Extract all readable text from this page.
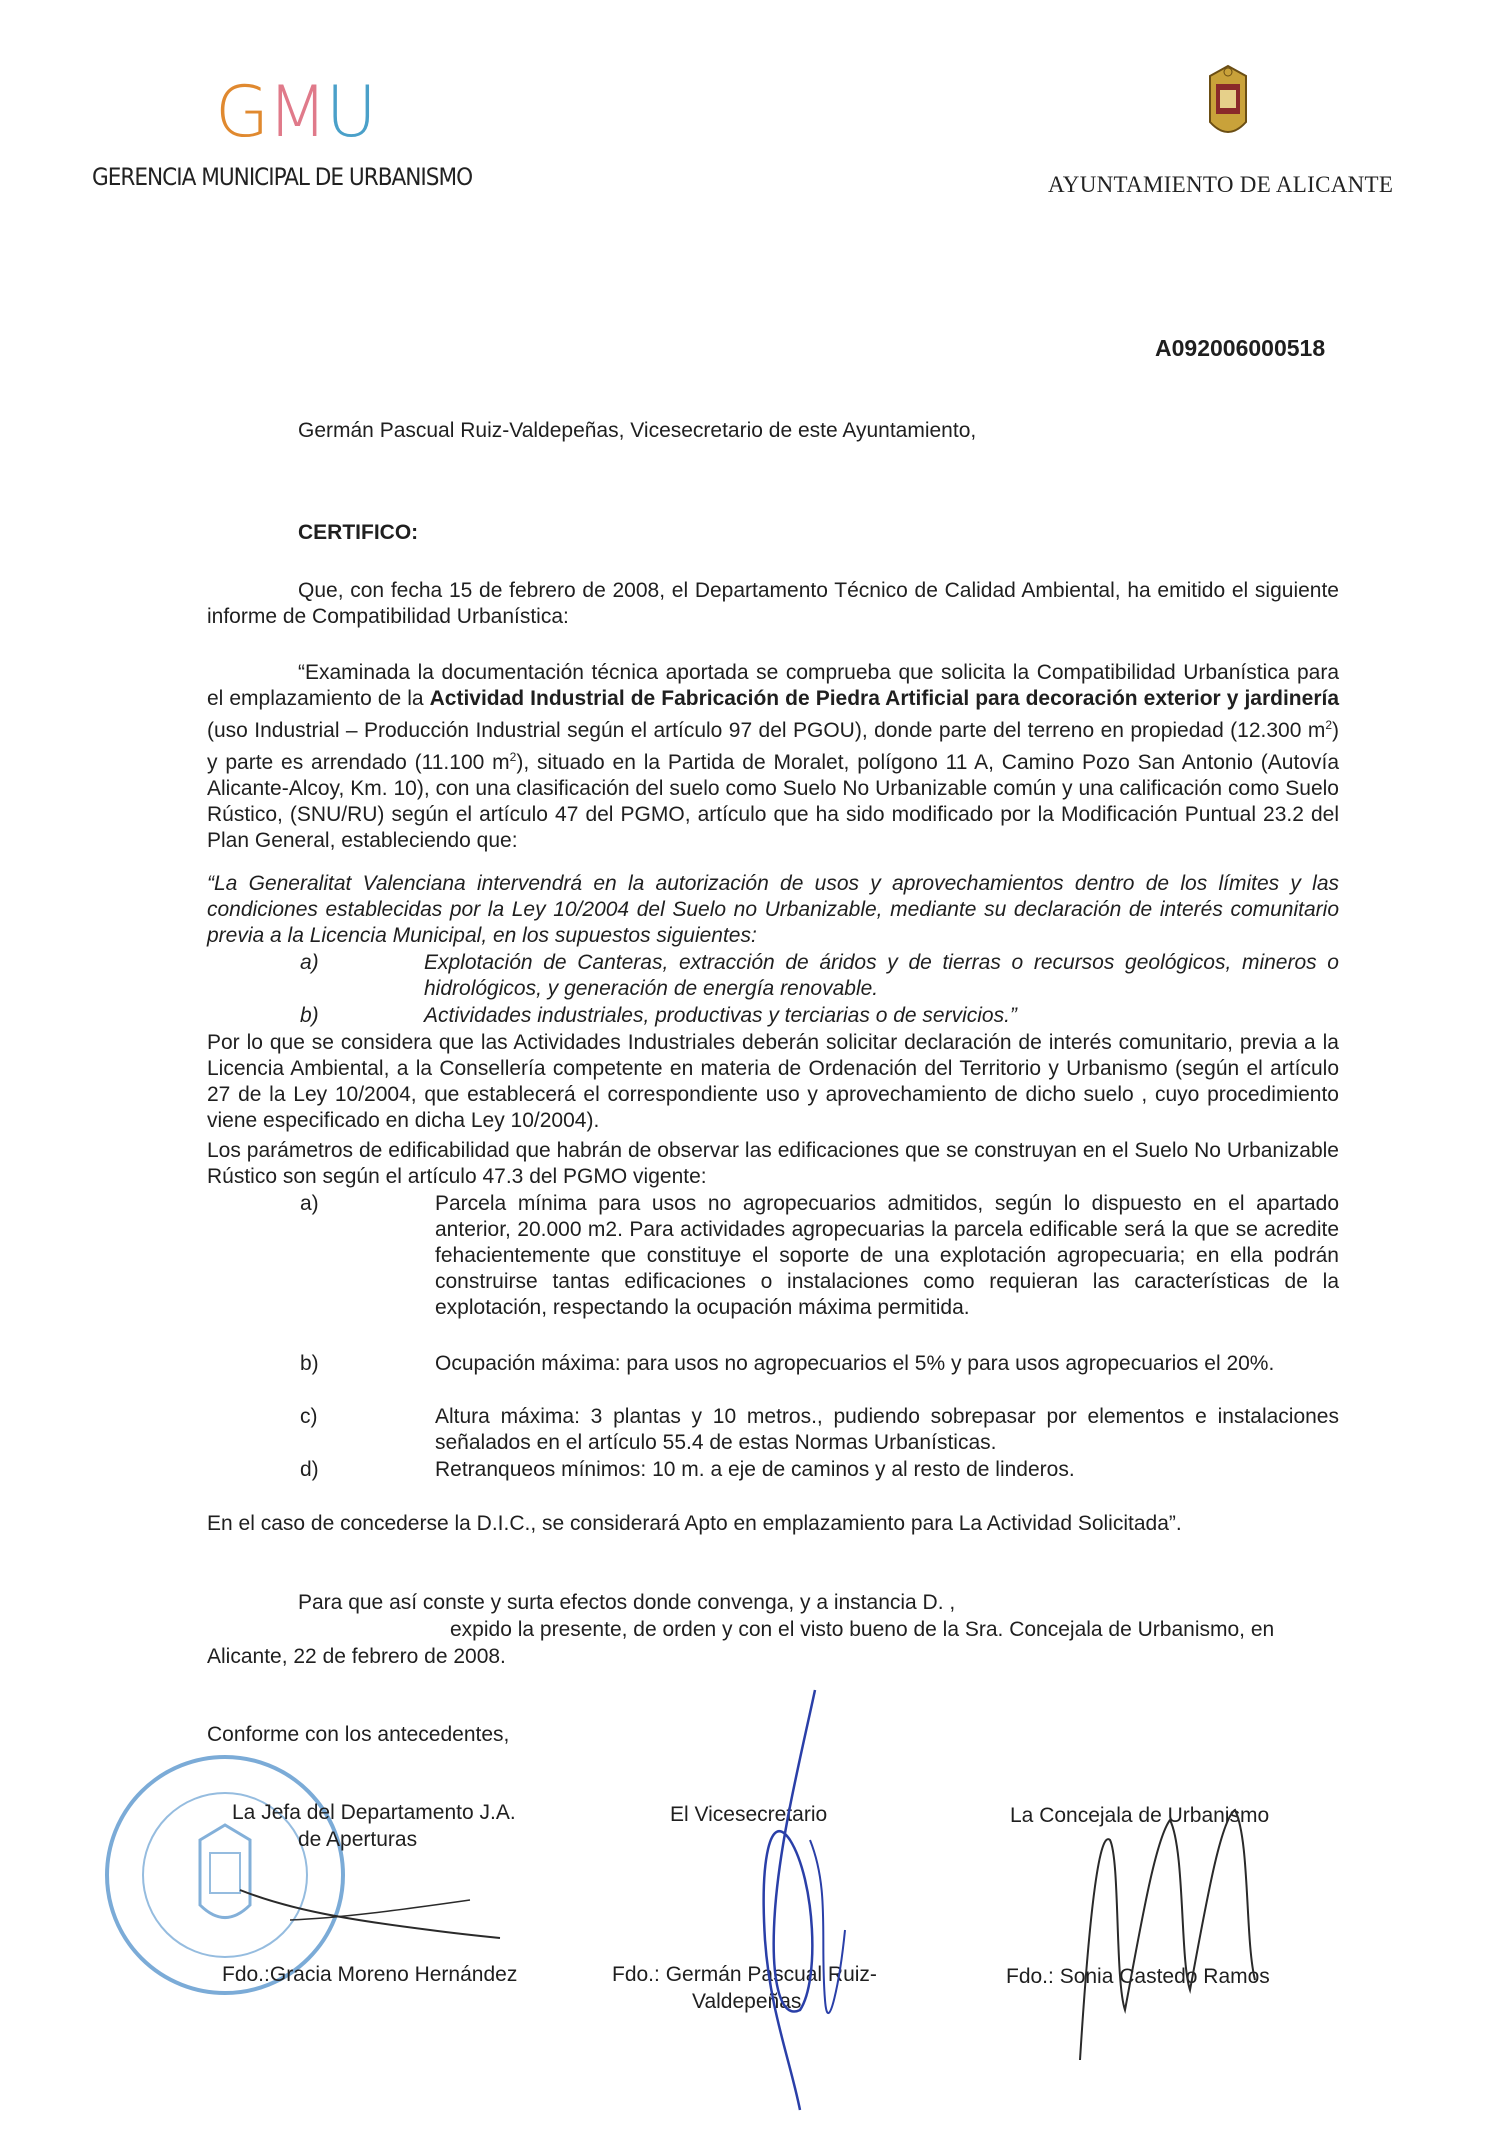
GMU
GERENCIA MUNICIPAL DE URBANISMO	AYUNTAMIENTO DE ALICANTE
A092006000518
Germán Pascual Ruiz-Valdepeñas, Vicesecretario de este Ayuntamiento,
CERTIFICO:
Que, con fecha 15 de febrero de 2008, el Departamento Técnico de Calidad Ambiental, ha emitido el siguiente informe de Compatibilidad Urbanística:
“Examinada la documentación técnica aportada se comprueba que solicita la Compatibilidad Urbanística para el emplazamiento de la Actividad Industrial de Fabricación de Piedra Artificial para decoración exterior y jardinería (uso Industrial – Producción Industrial según el artículo 97 del PGOU), donde parte del terreno en propiedad (12.300 $m^2$) y parte es arrendado (11.100 $m^2$), situado en la Partida de Moralet, polígono 11 A, Camino Pozo San Antonio (Autovía Alicante-Alcoy, Km. 10), con una clasificación del suelo como Suelo No Urbanizable común y una calificación como Suelo Rústico, (SNU/RU) según el artículo 47 del PGMO, artículo que ha sido modificado por la Modificación Puntual 23.2 del Plan General, estableciendo que:
“La Generalitat Valenciana intervendrá en la autorización de usos y aprovechamientos dentro de los límites y las condiciones establecidas por la Ley 10/2004 del Suelo no Urbanizable, mediante su declaración de interés comunitario previa a la Licencia Municipal, en los supuestos siguientes:
a)	Explotación de Canteras, extracción de áridos y de tierras o recursos geológicos, mineros o hidrológicos, y generación de energía renovable.
b)	Actividades industriales, productivas y terciarias o de servicios.”
Por lo que se considera que las Actividades Industriales deberán solicitar declaración de interés comunitario, previa a la Licencia Ambiental, a la Consellería competente en materia de Ordenación del Territorio y Urbanismo (según el artículo 27 de la Ley 10/2004, que establecerá el correspondiente uso y aprovechamiento de dicho suelo , cuyo procedimiento viene especificado en dicha Ley 10/2004).
Los parámetros de edificabilidad que habrán de observar las edificaciones que se construyan en el Suelo No Urbanizable Rústico son según el artículo 47.3 del PGMO vigente:
a)	Parcela mínima para usos no agropecuarios admitidos, según lo dispuesto en el apartado anterior, 20.000 m2. Para actividades agropecuarias la parcela edificable será la que se acredite fehacientemente que constituye el soporte de una explotación agropecuaria; en ella podrán construirse tantas edificaciones o instalaciones como requieran las características de la explotación, respectando la ocupación máxima permitida.
b)	Ocupación máxima: para usos no agropecuarios el 5% y para usos agropecuarios el 20%.
c)	Altura máxima: 3 plantas y 10 metros., pudiendo sobrepasar por elementos e instalaciones señalados en el artículo 55.4 de estas Normas Urbanísticas.
d)	Retranqueos mínimos: 10 m. a eje de caminos y al resto de linderos.
En el caso de concederse la D.I.C., se considerará Apto en emplazamiento para La Actividad Solicitada”.
Para que así conste y surta efectos donde convenga, y a instancia D. ,
expido la presente, de orden y con el visto bueno de la Sra. Concejala de Urbanismo, en
Alicante, 22 de febrero de 2008.
Conforme con los antecedentes,
La Jefa del Departamento J.A.
de Aperturas
Fdo.:Gracia Moreno Hernández
El Vicesecretario
Fdo.: Germán Pascual Ruiz-
Valdepeñas
La Concejala de Urbanismo
Fdo.: Sonia Castedo Ramos
